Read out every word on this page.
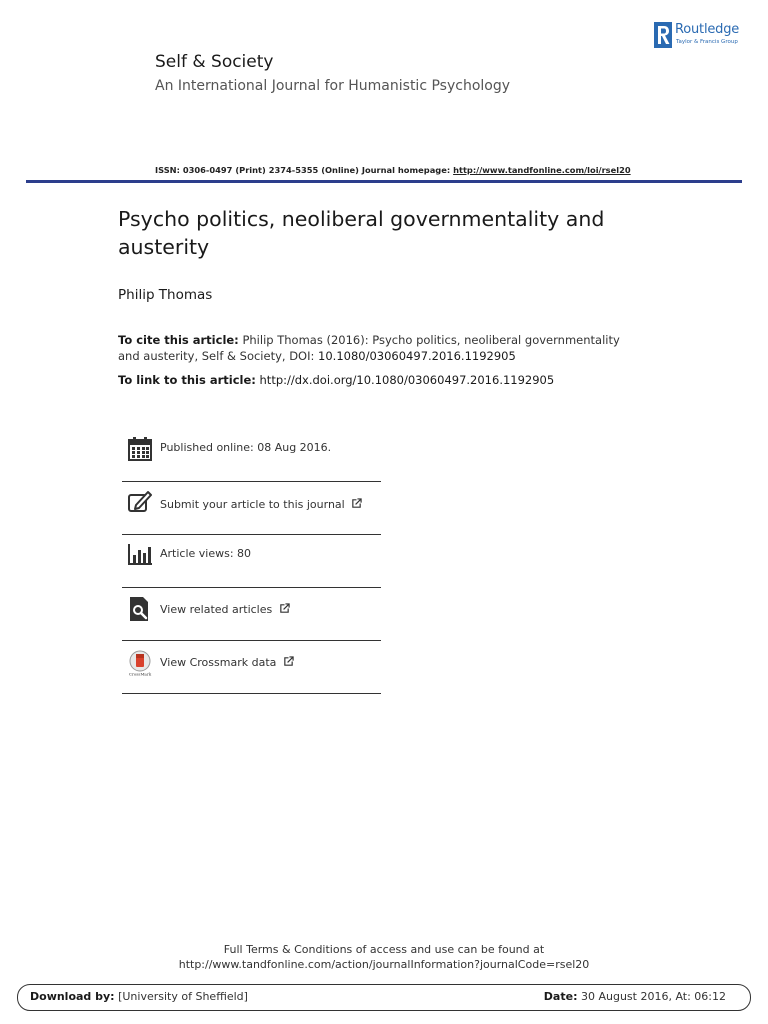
Routledge
Taylor & Francis Group
Self & Society

An International Journal for Humanistic Psychology

ISSN: 0306-0497 (Print) 2374-5355 (Online) Journal homepage: http://www.tandfonline.com/loi/rsel20
Psycho politics, neoliberal governmentality and austerity
Philip Thomas
To cite this article: Philip Thomas (2016): Psycho politics, neoliberal governmentality and austerity, Self & Society, DOI: 10.1080/03060497.2016.1192905
To link to this article: http://dx.doi.org/10.1080/03060497.2016.1192905
Published online: 08 Aug 2016.
Submit your article to this journal
Article views: 80
View related articles
CrossMark
View Crossmark data
Full Terms & Conditions of access and use can be found at
http://www.tandfonline.com/action/journalInformation?journalCode=rsel20
Download by: [University of Sheffield]	Date: 30 August 2016, At: 06:12
